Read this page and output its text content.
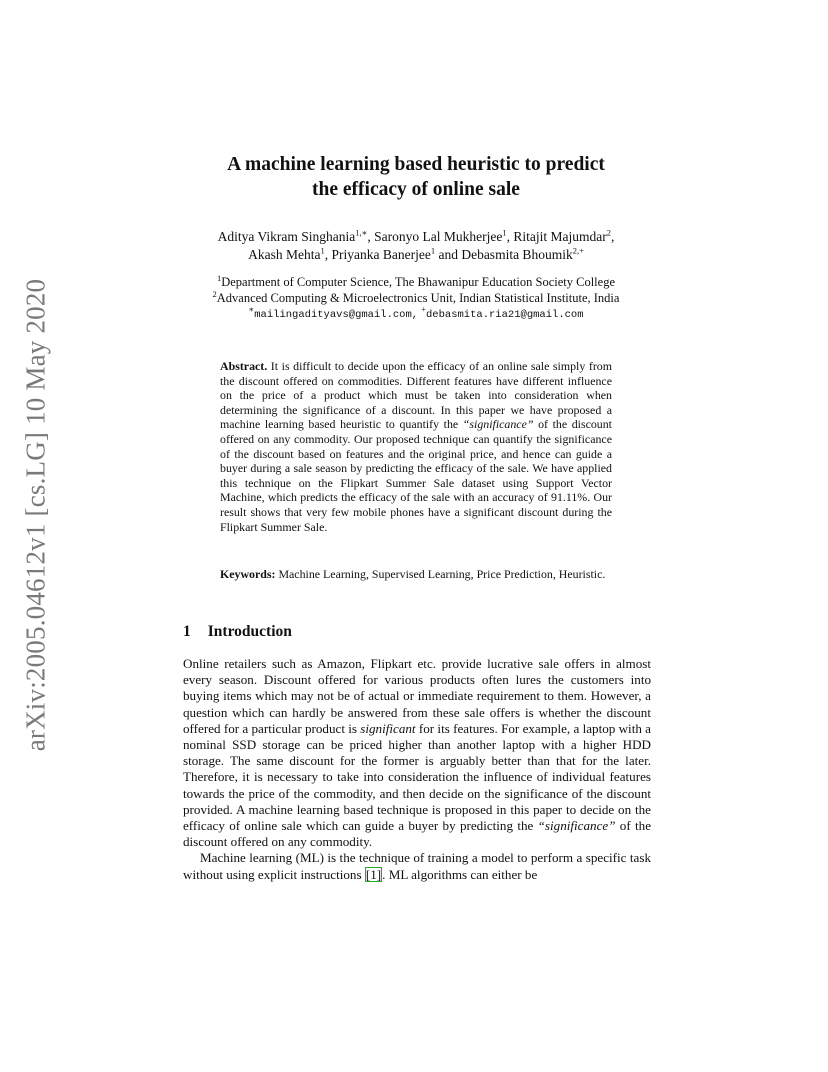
arXiv:2005.04612v1 [cs.LG] 10 May 2020
A machine learning based heuristic to predict
the efficacy of online sale
Aditya Vikram Singhania$^{1,∗}$, Saronyo Lal Mukherjee$^1$, Ritajit Majumdar$^2$,
Akash Mehta$^1$, Priyanka Banerjee$^1$ and Debasmita Bhoumik$^{2,+}$
$^1$Department of Computer Science, The Bhawanipur Education Society College
$^2$Advanced Computing & Microelectronics Unit, Indian Statistical Institute, India
∗mailingadityavs@gmail.com, +debasmita.ria21@gmail.com

Abstract. It is difficult to decide upon the efficacy of an online sale simply from the discount offered on commodities. Different features have different influence on the price of a product which must be taken into consideration when determining the significance of a discount. In this paper we have proposed a machine learning based heuristic to quantify the “significance” of the discount offered on any commodity. Our proposed technique can quantify the significance of the discount based on features and the original price, and hence can guide a buyer during a sale season by predicting the efficacy of the sale. We have applied this technique on the Flipkart Summer Sale dataset using Support Vector Machine, which predicts the efficacy of the sale with an accuracy of 91.11%. Our result shows that very few mobile phones have a significant discount during the Flipkart Summer Sale.

Keywords: Machine Learning, Supervised Learning, Price Prediction, Heuristic.

1 Introduction

Online retailers such as Amazon, Flipkart etc. provide lucrative sale offers in almost every season. Discount offered for various products often lures the customers into buying items which may not be of actual or immediate requirement to them. However, a question which can hardly be answered from these sale offers is whether the discount offered for a particular product is significant for its features. For example, a laptop with a nominal SSD storage can be priced higher than another laptop with a higher HDD storage. The same discount for the former is arguably better than that for the later. Therefore, it is necessary to take into consideration the influence of individual features towards the price of the commodity, and then decide on the significance of the discount provided. A machine learning based technique is proposed in this paper to decide on the efficacy of online sale which can guide a buyer by predicting the “significance” of the discount offered on any commodity.

Machine learning (ML) is the technique of training a model to perform a specific task without using explicit instructions [1]. ML algorithms can either be
